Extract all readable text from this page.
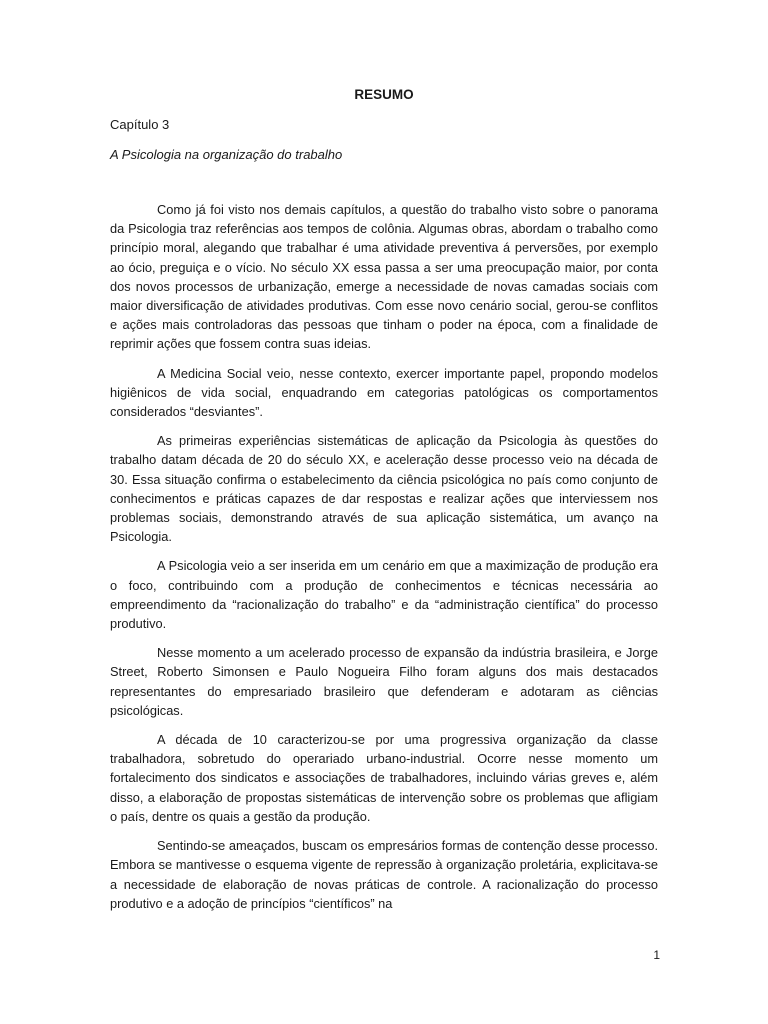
RESUMO
Capítulo 3
A Psicologia na organização do trabalho

Como já foi visto nos demais capítulos, a questão do trabalho visto sobre o panorama da Psicologia traz referências aos tempos de colônia. Algumas obras, abordam o trabalho como princípio moral, alegando que trabalhar é uma atividade preventiva á perversões, por exemplo ao ócio, preguiça e o vício. No século XX essa passa a ser uma preocupação maior, por conta dos novos processos de urbanização, emerge a necessidade de novas camadas sociais com maior diversificação de atividades produtivas. Com esse novo cenário social, gerou-se conflitos e ações mais controladoras das pessoas que tinham o poder na época, com a finalidade de reprimir ações que fossem contra suas ideias.

A Medicina Social veio, nesse contexto, exercer importante papel, propondo modelos higiênicos de vida social, enquadrando em categorias patológicas os comportamentos considerados “desviantes”.

As primeiras experiências sistemáticas de aplicação da Psicologia às questões do trabalho datam década de 20 do século XX, e aceleração desse processo veio na década de 30. Essa situação confirma o estabelecimento da ciência psicológica no país como conjunto de conhecimentos e práticas capazes de dar respostas e realizar ações que interviessem nos problemas sociais, demonstrando através de sua aplicação sistemática, um avanço na Psicologia.

A Psicologia veio a ser inserida em um cenário em que a maximização de produção era o foco, contribuindo com a produção de conhecimentos e técnicas necessária ao empreendimento da “racionalização do trabalho” e da “administração científica” do processo produtivo.

Nesse momento a um acelerado processo de expansão da indústria brasileira, e Jorge Street, Roberto Simonsen e Paulo Nogueira Filho foram alguns dos mais destacados representantes do empresariado brasileiro que defenderam e adotaram as ciências psicológicas.

A década de 10 caracterizou-se por uma progressiva organização da classe trabalhadora, sobretudo do operariado urbano-industrial. Ocorre nesse momento um fortalecimento dos sindicatos e associações de trabalhadores, incluindo várias greves e, além disso, a elaboração de propostas sistemáticas de intervenção sobre os problemas que afligiam o país, dentre os quais a gestão da produção.

Sentindo-se ameaçados, buscam os empresários formas de contenção desse processo. Embora se mantivesse o esquema vigente de repressão à organização proletária, explicitava-se a necessidade de elaboração de novas práticas de controle. A racionalização do processo produtivo e a adoção de princípios “científicos” na

1
